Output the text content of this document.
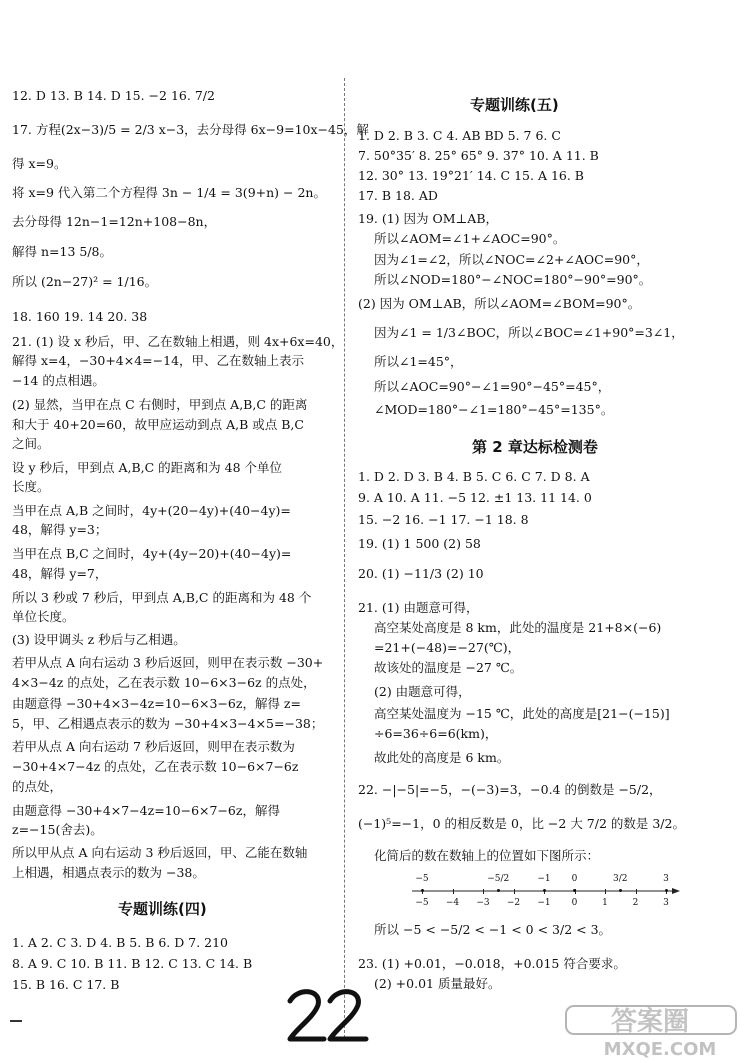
12. D 13. B 14. D 15. −2 16. 7/2
17. 方程(2x−3)/5 = 2/3 x−3，去分母得 6x−9=10x−45，解
得 x=9。
将 x=9 代入第二个方程得 3n − 1/4 = 3(9+n) − 2n。
去分母得 12n−1=12n+108−8n，
解得 n=13 5/8。
所以 (2n−27)² = 1/16。
18. 160 19. 14 20. 38
21. (1) 设 x 秒后，甲、乙在数轴上相遇，则 4x+6x=40，
解得 x=4，−30+4×4=−14，甲、乙在数轴上表示
−14 的点相遇。
(2) 显然，当甲在点 C 右侧时，甲到点 A,B,C 的距离
和大于 40+20=60，故甲应运动到点 A,B 或点 B,C
之间。
设 y 秒后，甲到点 A,B,C 的距离和为 48 个单位
长度。
当甲在点 A,B 之间时，4y+(20−4y)+(40−4y)=
48，解得 y=3；
当甲在点 B,C 之间时，4y+(4y−20)+(40−4y)=
48，解得 y=7，
所以 3 秒或 7 秒后，甲到点 A,B,C 的距离和为 48 个
单位长度。
(3) 设甲调头 z 秒后与乙相遇。
若甲从点 A 向右运动 3 秒后返回，则甲在表示数 −30+
4×3−4z 的点处，乙在表示数 10−6×3−6z 的点处，
由题意得 −30+4×3−4z=10−6×3−6z，解得 z=
5，甲、乙相遇点表示的数为 −30+4×3−4×5=−38；
若甲从点 A 向右运动 7 秒后返回，则甲在表示数为
−30+4×7−4z 的点处，乙在表示数 10−6×7−6z
的点处，
由题意得 −30+4×7−4z=10−6×7−6z，解得
z=−15(舍去)。
所以甲从点 A 向右运动 3 秒后返回，甲、乙能在数轴
上相遇，相遇点表示的数为 −38。
专题训练(四)
1. A 2. C 3. D 4. B 5. B 6. D 7. 210
8. A 9. C 10. B 11. B 12. C 13. C 14. B
15. B 16. C 17. B
专题训练(五)
1. D 2. B 3. C 4. AB BD 5. 7 6. C
7. 50°35′ 8. 25° 65° 9. 37° 10. A 11. B
12. 30° 13. 19°21′ 14. C 15. A 16. B
17. B 18. AD
19. (1) 因为 OM⊥AB，
所以∠AOM=∠1+∠AOC=90°。
因为∠1=∠2，所以∠NOC=∠2+∠AOC=90°，
所以∠NOD=180°−∠NOC=180°−90°=90°。
(2) 因为 OM⊥AB，所以∠AOM=∠BOM=90°。
因为∠1 = 1/3∠BOC，所以∠BOC=∠1+90°=3∠1，
所以∠1=45°，
所以∠AOC=90°−∠1=90°−45°=45°，
∠MOD=180°−∠1=180°−45°=135°。
第 2 章达标检测卷
1. D 2. D 3. B 4. B 5. C 6. C 7. D 8. A
9. A 10. A 11. −5 12. ±1 13. 11 14. 0
15. −2 16. −1 17. −1 18. 8
19. (1) 1 500 (2) 58
20. (1) −11/3 (2) 10
21. (1) 由题意可得，
高空某处高度是 8 km，此处的温度是 21+8×(−6)
=21+(−48)=−27(℃)，
故该处的温度是 −27 ℃。
(2) 由题意可得，
高空某处温度为 −15 ℃，此处的高度是[21−(−15)]
÷6=36÷6=6(km)，
故此处的高度是 6 km。
22. −|−5|=−5，−(−3)=3，−0.4 的倒数是 −5/2，
(−1)⁵=−1，0 的相反数是 0，比 −2 大 7/2 的数是 3/2。
化简后的数在数轴上的位置如下图所示：
所以 −5 < −5/2 < −1 < 0 < 3/2 < 3。
23. (1) +0.01，−0.018，+0.015 符合要求。
(2) +0.01 质量最好。
−5 −4 −3 −2 −1 0	1	2	3
−5	−5/2	−1 0	3/2	3
答案圈
MXQE.COM
